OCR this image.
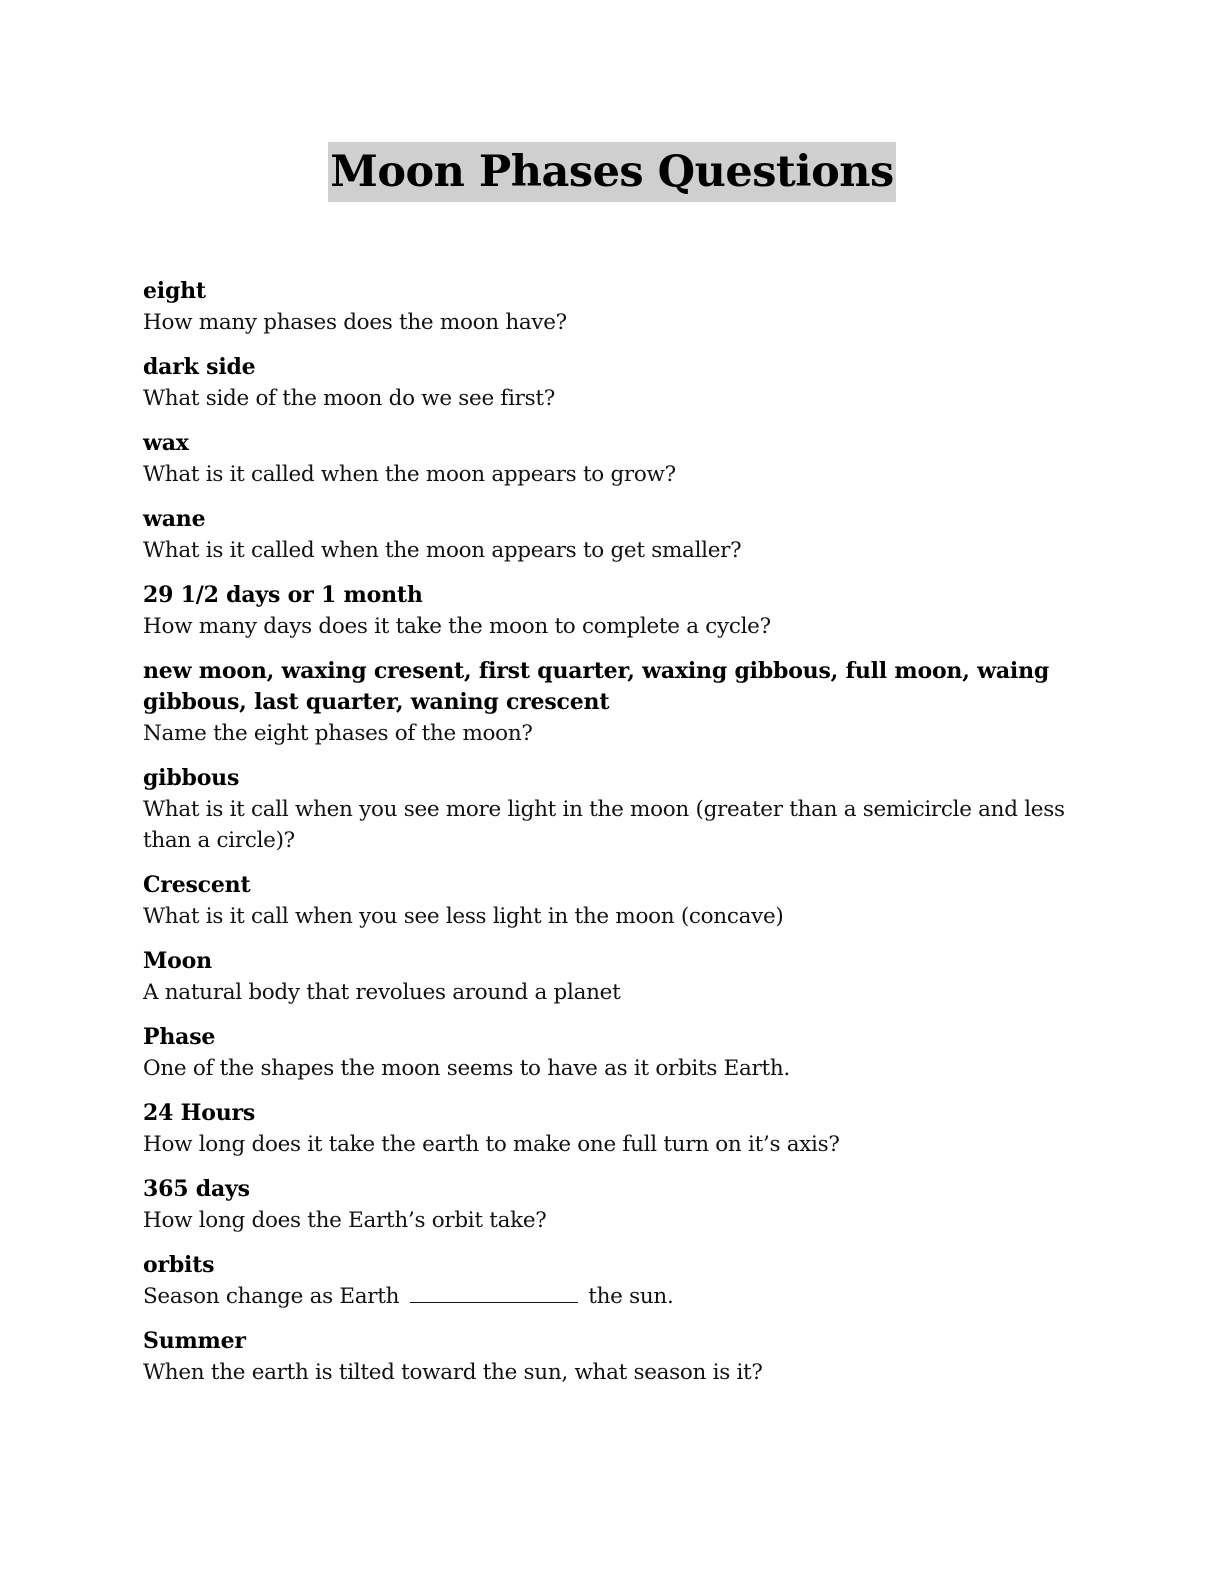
Moon Phases Questions
eight
How many phases does the moon have?
dark side
What side of the moon do we see first?
wax
What is it called when the moon appears to grow?
wane
What is it called when the moon appears to get smaller?
29 1/2 days or 1 month
How many days does it take the moon to complete a cycle?
new moon, waxing cresent, first quarter, waxing gibbous, full moon, waing gibbous, last quarter, waning crescent
Name the eight phases of the moon?
gibbous
What is it call when you see more light in the moon (greater than a semicircle and less than a circle)?
Crescent
What is it call when you see less light in the moon (concave)
Moon
A natural body that revolues around a planet
Phase
One of the shapes the moon seems to have as it orbits Earth.
24 Hours
How long does it take the earth to make one full turn on it’s axis?
365 days
How long does the Earth’s orbit take?
orbits
Season change as Earth	the sun.
Summer
When the earth is tilted toward the sun, what season is it?
